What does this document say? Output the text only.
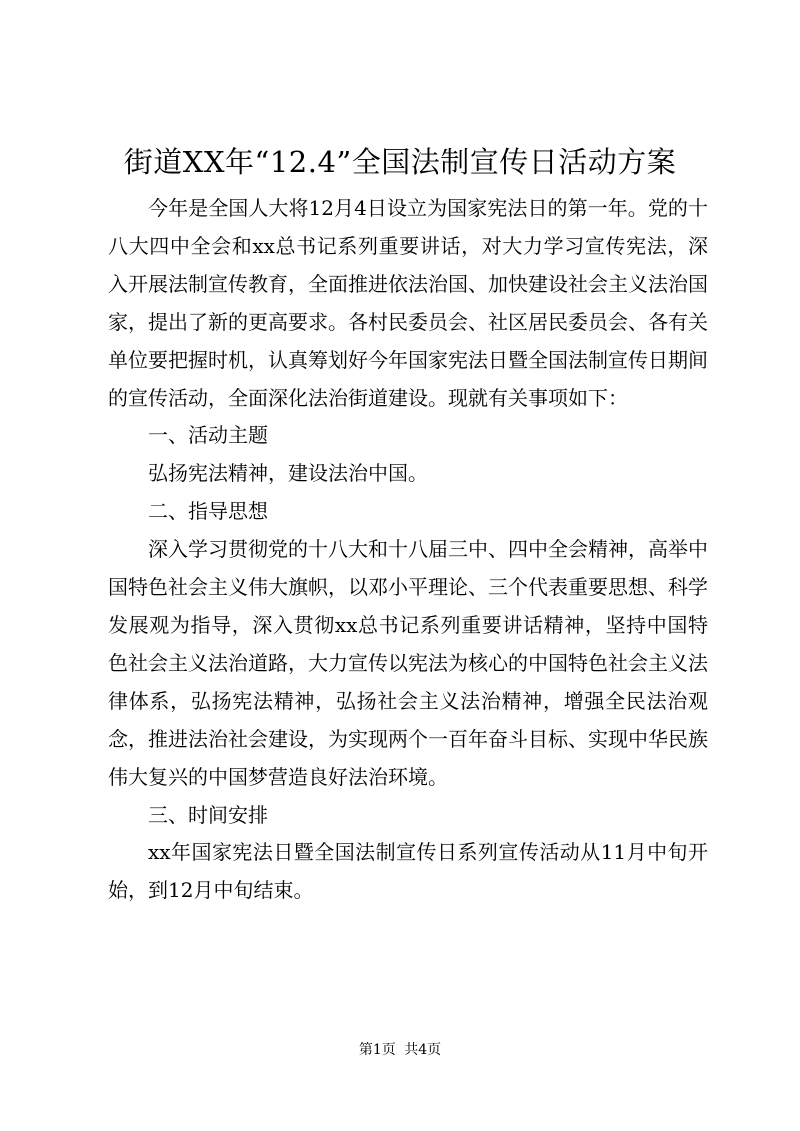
街道XX年“12.4”全国法制宣传日活动方案

今年是全国人大将12月4日设立为国家宪法日的第一年。党的十八大四中全会和xx总书记系列重要讲话，对大力学习宣传宪法，深入开展法制宣传教育，全面推进依法治国、加快建设社会主义法治国家，提出了新的更高要求。各村民委员会、社区居民委员会、各有关单位要把握时机，认真筹划好今年国家宪法日暨全国法制宣传日期间的宣传活动，全面深化法治街道建设。现就有关事项如下：

一、活动主题

弘扬宪法精神，建设法治中国。

二、指导思想

深入学习贯彻党的十八大和十八届三中、四中全会精神，高举中国特色社会主义伟大旗帜，以邓小平理论、三个代表重要思想、科学发展观为指导，深入贯彻xx总书记系列重要讲话精神，坚持中国特色社会主义法治道路，大力宣传以宪法为核心的中国特色社会主义法律体系，弘扬宪法精神，弘扬社会主义法治精神，增强全民法治观念，推进法治社会建设，为实现两个一百年奋斗目标、实现中华民族伟大复兴的中国梦营造良好法治环境。

三、时间安排

xx年国家宪法日暨全国法制宣传日系列宣传活动从11月中旬开始，到12月中旬结束。

第1页 共4页
